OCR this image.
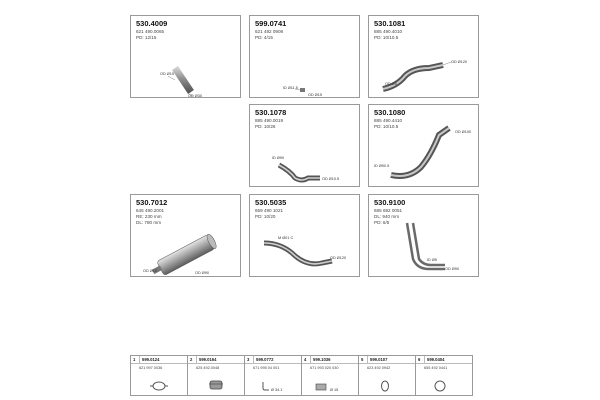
530.4009
621 490.0065
PD: 12/15
OD Ø15
OD Ø30
599.0741
621 492 0908
PD: 4/15
ID Ø11.5
OD Ø15
530.1081
885 490.4010
PD: 10/10.5
OD Ø120
OD Ø5
530.1078
885 490.0019
PD: 10/26
ID Ø90
OD Ø10.5
530.1080
885 490.4410
PD: 10/10.5
OD Ø100
ID Ø90.5
530.7012
645 490.2001
RE: 230 mm
DL: 780 mm
OD Ø10	OD Ø90
530.5035
659 490 1021
PD: 10/20
M Ø01 C
OD Ø120
530.9100
685 692 0051
DL: 940 mm
PD: 6/5
ID Ø5
OD Ø90
1 599.0124
621 997 0036
2 599.0164
625 492.0048
3 599.0772
671 995 04 001
Ø 34.1
4 599.1036
671 993 020 030
Ø 15
5 599.0107
623 492 0942
6 599.0404
655 492 0441
